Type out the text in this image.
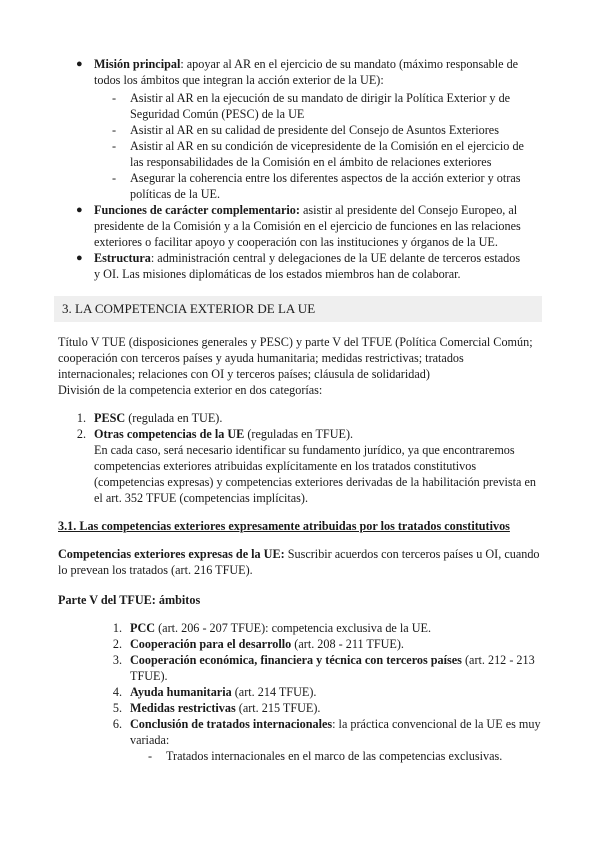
● Misión principal: apoyar al AR en el ejercicio de su mandato (máximo responsable de todos los ámbitos que integran la acción exterior de la UE):
- Asistir al AR en la ejecución de su mandato de dirigir la Política Exterior y de Seguridad Común (PESC) de la UE
- Asistir al AR en su calidad de presidente del Consejo de Asuntos Exteriores
- Asistir al AR en su condición de vicepresidente de la Comisión en el ejercicio de las responsabilidades de la Comisión en el ámbito de relaciones exteriores
- Asegurar la coherencia entre los diferentes aspectos de la acción exterior y otras políticas de la UE.
● Funciones de carácter complementario: asistir al presidente del Consejo Europeo, al presidente de la Comisión y a la Comisión en el ejercicio de funciones en las relaciones exteriores o facilitar apoyo y cooperación con las instituciones y órganos de la UE.
● Estructura: administración central y delegaciones de la UE delante de terceros estados y OI. Las misiones diplomáticas de los estados miembros han de colaborar.
3. LA COMPETENCIA EXTERIOR DE LA UE
Título V TUE (disposiciones generales y PESC) y parte V del TFUE (Política Comercial Común; cooperación con terceros países y ayuda humanitaria; medidas restrictivas; tratados internacionales; relaciones con OI y terceros países; cláusula de solidaridad)
División de la competencia exterior en dos categorías:
1. PESC (regulada en TUE).
2. Otras competencias de la UE (reguladas en TFUE).
En cada caso, será necesario identificar su fundamento jurídico, ya que encontraremos competencias exteriores atribuidas explícitamente en los tratados constitutivos (competencias expresas) y competencias exteriores derivadas de la habilitación prevista en el art. 352 TFUE (competencias implícitas).
3.1. Las competencias exteriores expresamente atribuidas por los tratados constitutivos
Competencias exteriores expresas de la UE: Suscribir acuerdos con terceros países u OI, cuando lo prevean los tratados (art. 216 TFUE).
Parte V del TFUE: ámbitos
1. PCC (art. 206 - 207 TFUE): competencia exclusiva de la UE.
2. Cooperación para el desarrollo (art. 208 - 211 TFUE).
3. Cooperación económica, financiera y técnica con terceros países (art. 212 - 213 TFUE).
4. Ayuda humanitaria (art. 214 TFUE).
5. Medidas restrictivas (art. 215 TFUE).
6. Conclusión de tratados internacionales: la práctica convencional de la UE es muy variada:
- Tratados internacionales en el marco de las competencias exclusivas.
